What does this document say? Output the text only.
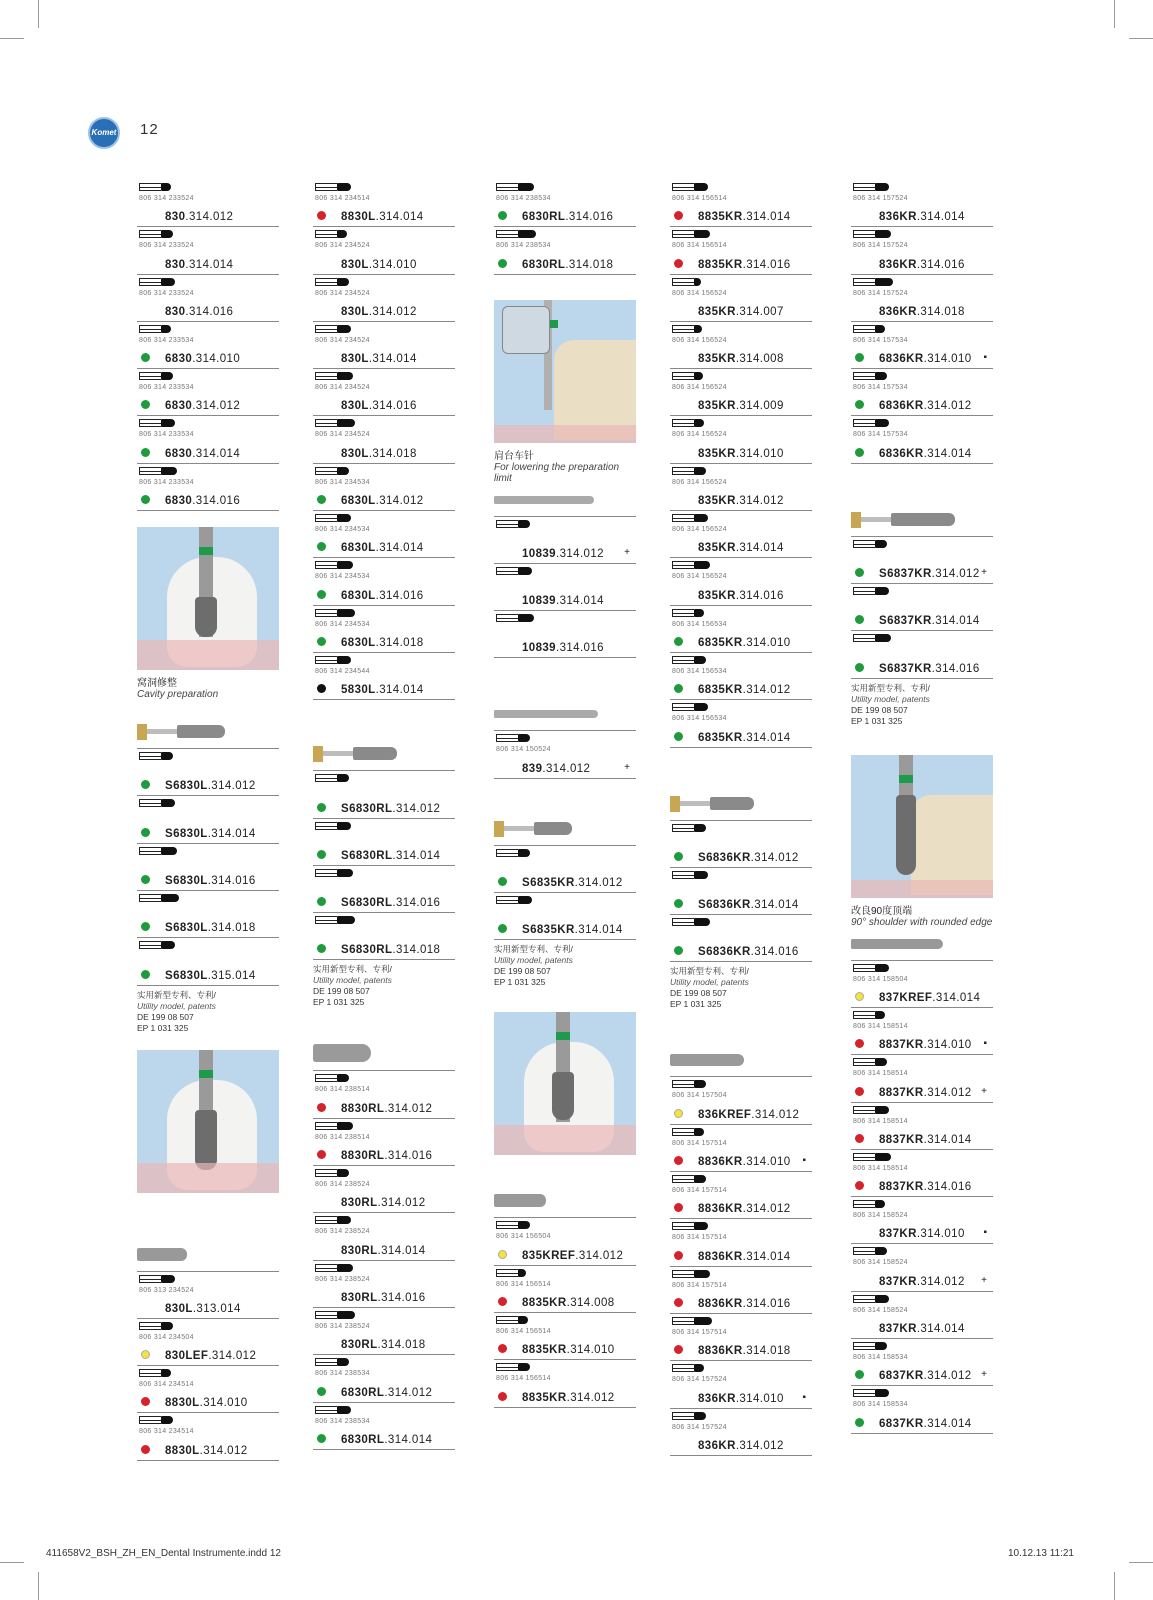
Komet 12
806 314 233524
830.314.012
806 314 233524
830.314.014
806 314 233524
830.314.016
806 314 233534
6830.314.010
806 314 233534
6830.314.012
806 314 233534
6830.314.014
806 314 233534
6830.314.016
窝洞修整
Cavity preparation
S6830L.314.012
S6830L.314.014
S6830L.314.016
S6830L.314.018
S6830L.315.014
实用新型专利、专利/
Utility model, patents
DE 199 08 507
EP 1 031 325
806 313 234524
830L.313.014
806 314 234504
830LEF.314.012
806 314 234514
8830L.314.010
806 314 234514
8830L.314.012
806 314 234514
8830L.314.014
806 314 234524
830L.314.010
806 314 234524
830L.314.012
806 314 234524
830L.314.014
806 314 234524
830L.314.016
806 314 234524
830L.314.018
806 314 234534
6830L.314.012
806 314 234534
6830L.314.014
806 314 234534
6830L.314.016
806 314 234534
6830L.314.018
806 314 234544
5830L.314.014
S6830RL.314.012
S6830RL.314.014
S6830RL.314.016
S6830RL.314.018
实用新型专利、专利/
Utility model, patents
DE 199 08 507
EP 1 031 325
806 314 238514
8830RL.314.012
806 314 238514
8830RL.314.016
806 314 238524
830RL.314.012
806 314 238524
830RL.314.014
806 314 238524
830RL.314.016
806 314 238524
830RL.314.018
806 314 238534
6830RL.314.012
806 314 238534
6830RL.314.014
806 314 238534
6830RL.314.016
806 314 238534
6830RL.314.018
肩台车针
For lowering the preparation limit
10839.314.012 +
10839.314.014
10839.314.016
806 314 150524
839.314.012	+
S6835KR.314.012
S6835KR.314.014
实用新型专利、专利/
Utility model, patents
DE 199 08 507
EP 1 031 325
806 314 156504
835KREF.314.012
806 314 156514
8835KR.314.008
806 314 156514
8835KR.314.010
806 314 156514
8835KR.314.012
806 314 156514
8835KR.314.014
806 314 156514
8835KR.314.016
806 314 156524
835KR.314.007
806 314 156524
835KR.314.008
806 314 156524
835KR.314.009
806 314 156524
835KR.314.010
806 314 156524
835KR.314.012
806 314 156524
835KR.314.014
806 314 156524
835KR.314.016
806 314 156534
6835KR.314.010
806 314 156534
6835KR.314.012
806 314 156534
6835KR.314.014
S6836KR.314.012
S6836KR.314.014
S6836KR.314.016
实用新型专利、专利/
Utility model, patents
DE 199 08 507
EP 1 031 325
806 314 157504
836KREF.314.012
806 314 157514
8836KR.314.010 ▪
806 314 157514
8836KR.314.012
806 314 157514
8836KR.314.014
806 314 157514
8836KR.314.016
806 314 157514
8836KR.314.018
806 314 157524
836KR.314.010 ▪
806 314 157524
836KR.314.012
806 314 157524
836KR.314.014
806 314 157524
836KR.314.016
806 314 157524
836KR.314.018
806 314 157534
6836KR.314.010 ▪
806 314 157534
6836KR.314.012
806 314 157534
6836KR.314.014
S6837KR.314.012 +
S6837KR.314.014
S6837KR.314.016
实用新型专利、专利/
Utility model, patents
DE 199 08 507
EP 1 031 325
改良90度顶端
90° shoulder with rounded edge
806 314 158504
837KREF.314.014
806 314 158514
8837KR.314.010 ▪
806 314 158514
8837KR.314.012 +
806 314 158514
8837KR.314.014
806 314 158514
8837KR.314.016
806 314 158524
837KR.314.010 ▪
806 314 158524
837KR.314.012 +
806 314 158524
837KR.314.014
806 314 158534
6837KR.314.012 +
806 314 158534
6837KR.314.014
411658V2_BSH_ZH_EN_Dental Instrumente.indd 12	10.12.13 11:21
